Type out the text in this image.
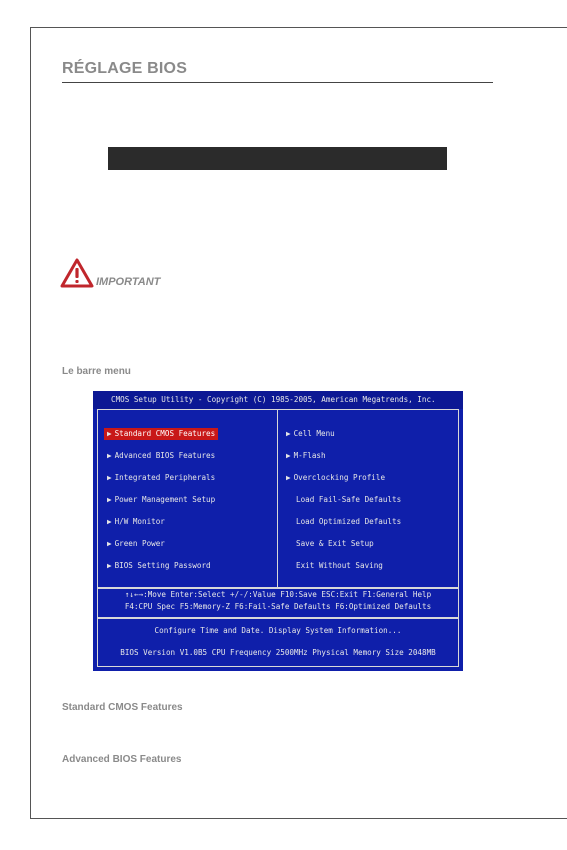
RÉGLAGE BIOS
IMPORTANT
Le barre menu
CMOS Setup Utility - Copyright (C) 1985-2005, American Megatrends, Inc.
▶ Standard CMOS Features
▶ Advanced BIOS Features
▶ Integrated Peripherals
▶ Power Management Setup
▶ H/W Monitor
▶ Green Power
▶ BIOS Setting Password
▶ Cell Menu
▶ M-Flash
▶ Overclocking Profile
Load Fail-Safe Defaults
Load Optimized Defaults
Save & Exit Setup
Exit Without Saving
↑↓←→:Move Enter:Select +/-/:Value F10:Save ESC:Exit F1:General Help
F4:CPU Spec F5:Memory-Z F6:Fail-Safe Defaults F6:Optimized Defaults
Configure Time and Date. Display System Information...
BIOS Version V1.0B5 CPU Frequency 2500MHz Physical Memory Size 2048MB
Standard CMOS Features
Advanced BIOS Features
